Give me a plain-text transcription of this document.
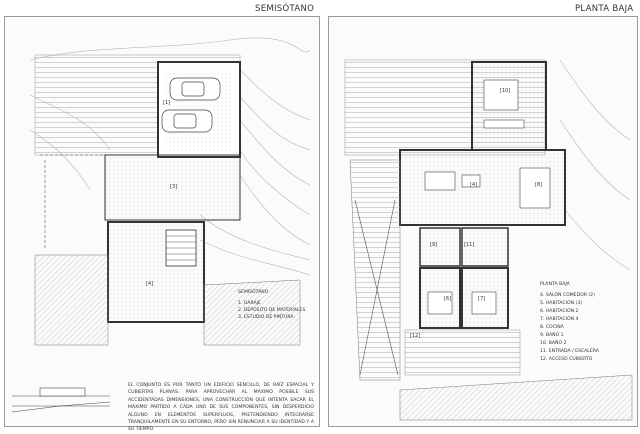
SEMISÓTANO	PLANTA BAJA
[1]
[3]
[4]
[10]
[4]	[8]
[9]	[11]
[6]	[7]
[12]
SEMISÓTANO
1. GARAJE
2. DEPÓSITO DE MATERIALES
3. ESTUDIO DE PINTURA
EL CONJUNTO ES POR TANTO UN EDIFICIO SENCILLO, DE RAÍZ ESPACIAL Y CUBIERTAS PLANAS. PARA APROVECHAR AL MÁXIMO POSIBLE SUS ACCIDENTADAS DIMENSIONES, UNA CONSTRUCCIÓN QUE INTENTA SACAR EL MÁXIMO PARTIDO A CADA UNO DE SUS COMPONENTES, SIN DESPERDICIO ALGUNO EN ELEMENTOS SUPERFLUOS, PRETENDIENDO INTEGRARSE TRANQUILAMENTE EN SU ENTORNO, PERO SIN RENUNCIAR A SU IDENTIDAD Y A SU TIEMPO.
PLANTA BAJA
4. SALÓN COMEDOR (2)
5. HABITACIÓN (3)
6. HABITACIÓN 2
7. HABITACIÓN 4
8. COCINA
9. BAÑO 1
10. BAÑO 2
11. ENTRADA / ESCALERA
12. ACCESO CUBIERTO
